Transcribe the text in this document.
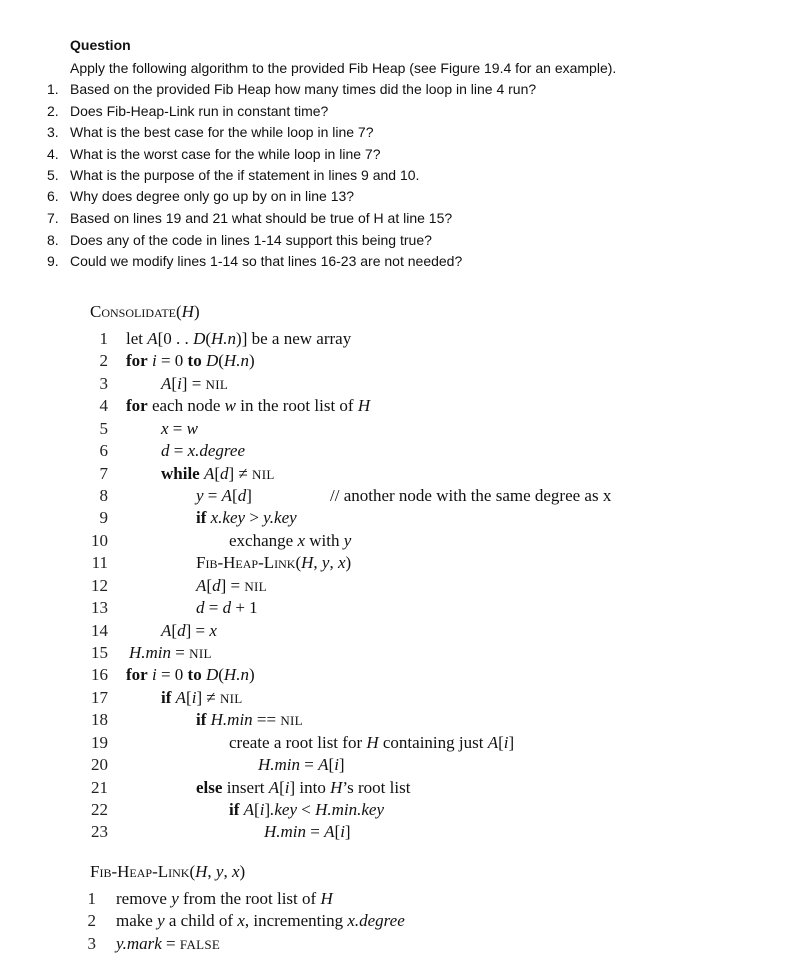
Question
Apply the following algorithm to the provided Fib Heap (see Figure 19.4 for an example).
1. Based on the provided Fib Heap how many times did the loop in line 4 run?
2. Does Fib-Heap-Link run in constant time?
3. What is the best case for the while loop in line 7?
4. What is the worst case for the while loop in line 7?
5. What is the purpose of the if statement in lines 9 and 10.
6. Why does degree only go up by on in line 13?
7. Based on lines 19 and 21 what should be true of H at line 15?
8. Does any of the code in lines 1-14 support this being true?
9. Could we modify lines 1-14 so that lines 16-23 are not needed?
Consolidate(H)
1 let A[0 . . D(H.n)] be a new array
2 for i = 0 to D(H.n)
3	A[i] = NIL
4 for each node w in the root list of H
5	x = w
6	d = x.degree
7	while A[d] ≠ NIL
8	y = A[d]	// another node with the same degree as x
9	if x.key > y.key
10	exchange x with y
11	Fib-Heap-Link(H, y, x)
12	A[d] = NIL
13	d = d + 1
14	A[d] = x
15 H.min = NIL
16 for i = 0 to D(H.n)
17	if A[i] ≠ NIL
18	if H.min == NIL
19	create a root list for H containing just A[i]
20	H.min = A[i]
21	else insert A[i] into H’s root list
22	if A[i].key < H.min.key
23	H.min = A[i]
Fib-Heap-Link(H, y, x)
1 remove y from the root list of H
2 make y a child of x, incrementing x.degree
3 y.mark = FALSE
